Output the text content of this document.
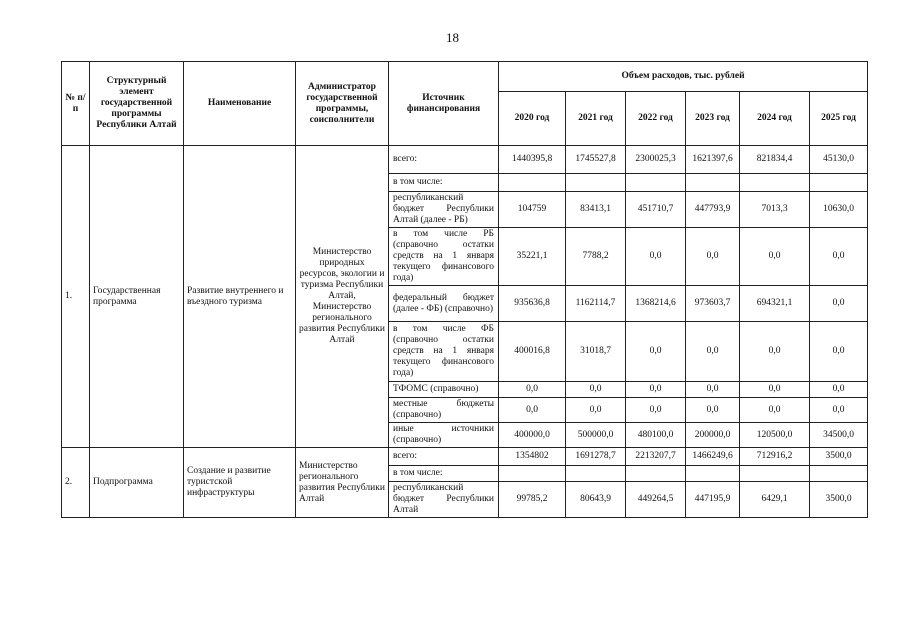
18
№ п/п	Структурный элемент государственной программы Республики Алтай	Наименование	Администратор государственной программы, соисполнители	Источник финансирования	Объем расходов, тыс. рублей					
					2020 год	2021 год	2022 год	2023 год	2024 год	2025 год
1.	Государственная программа	Развитие внутреннего и въездного туризма	Министерство природных ресурсов, экологии и туризма Республики Алтай, Министерство регионального развития Республики Алтай	всего:	1440395,8	1745527,8	2300025,3	1621397,6	821834,4	45130,0
				в том числе:						
				республиканский бюджет Республики Алтай (далее - РБ)	104759	83413,1	451710,7	447793,9	7013,3	10630,0
				в том числе РБ (справочно остатки средств на 1 января текущего финансового года)	35221,1	7788,2	0,0	0,0	0,0	0,0
				федеральный бюджет (далее - ФБ) (справочно)	935636,8	1162114,7	1368214,6	973603,7	694321,1	0,0
				в том числе ФБ (справочно остатки средств на 1 января текущего финансового года)	400016,8	31018,7	0,0	0,0	0,0	0,0
				ТФОМС (справочно)	0,0	0,0	0,0	0,0	0,0	0,0
				местные бюджеты (справочно)	0,0	0,0	0,0	0,0	0,0	0,0
				иные источники (справочно)	400000,0	500000,0	480100,0	200000,0	120500,0	34500,0
2.	Подпрограмма	Создание и развитие туристской инфраструктуры	Министерство регионального развития Республики Алтай	всего:	1354802	1691278,7	2213207,7	1466249,6	712916,2	3500,0
				в том числе:						
				республиканский бюджет Республики Алтай	99785,2	80643,9	449264,5	447195,9	6429,1	3500,0
